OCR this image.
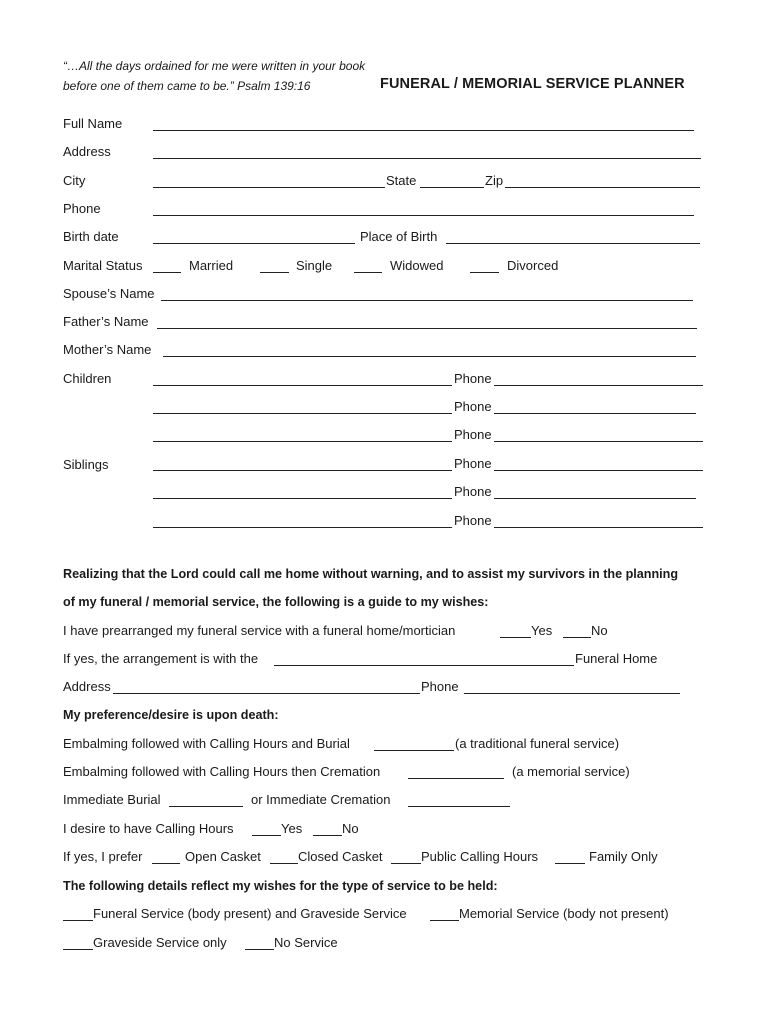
“…All the days ordained for me were written in your book
before one of them came to be.” Psalm 139:16	FUNERAL / MEMORIAL SERVICE PLANNER
Full Name
Address
City	State	Zip
Phone
Birth date	Place of Birth
Marital Status	Married	Single	Widowed	Divorced
Spouse’s Name
Father’s Name
Mother’s Name
Children	Phone
Phone
Phone
Siblings	Phone
Phone
Phone
Realizing that the Lord could call me home without warning, and to assist my survivors in the planning
of my funeral / memorial service, the following is a guide to my wishes:
I have prearranged my funeral service with a funeral home/mortician	Yes	No
If yes, the arrangement is with the	Funeral Home
Address	Phone
My preference/desire is upon death:
Embalming followed with Calling Hours and Burial	(a traditional funeral service)
Embalming followed with Calling Hours then Cremation	(a memorial service)
Immediate Burial	or Immediate Cremation
I desire to have Calling Hours	Yes	No
If yes, I prefer	Open Casket	Closed Casket	Public Calling Hours	Family Only
The following details reflect my wishes for the type of service to be held:
Funeral Service (body present) and Graveside Service	Memorial Service (body not present)
Graveside Service only	No Service
